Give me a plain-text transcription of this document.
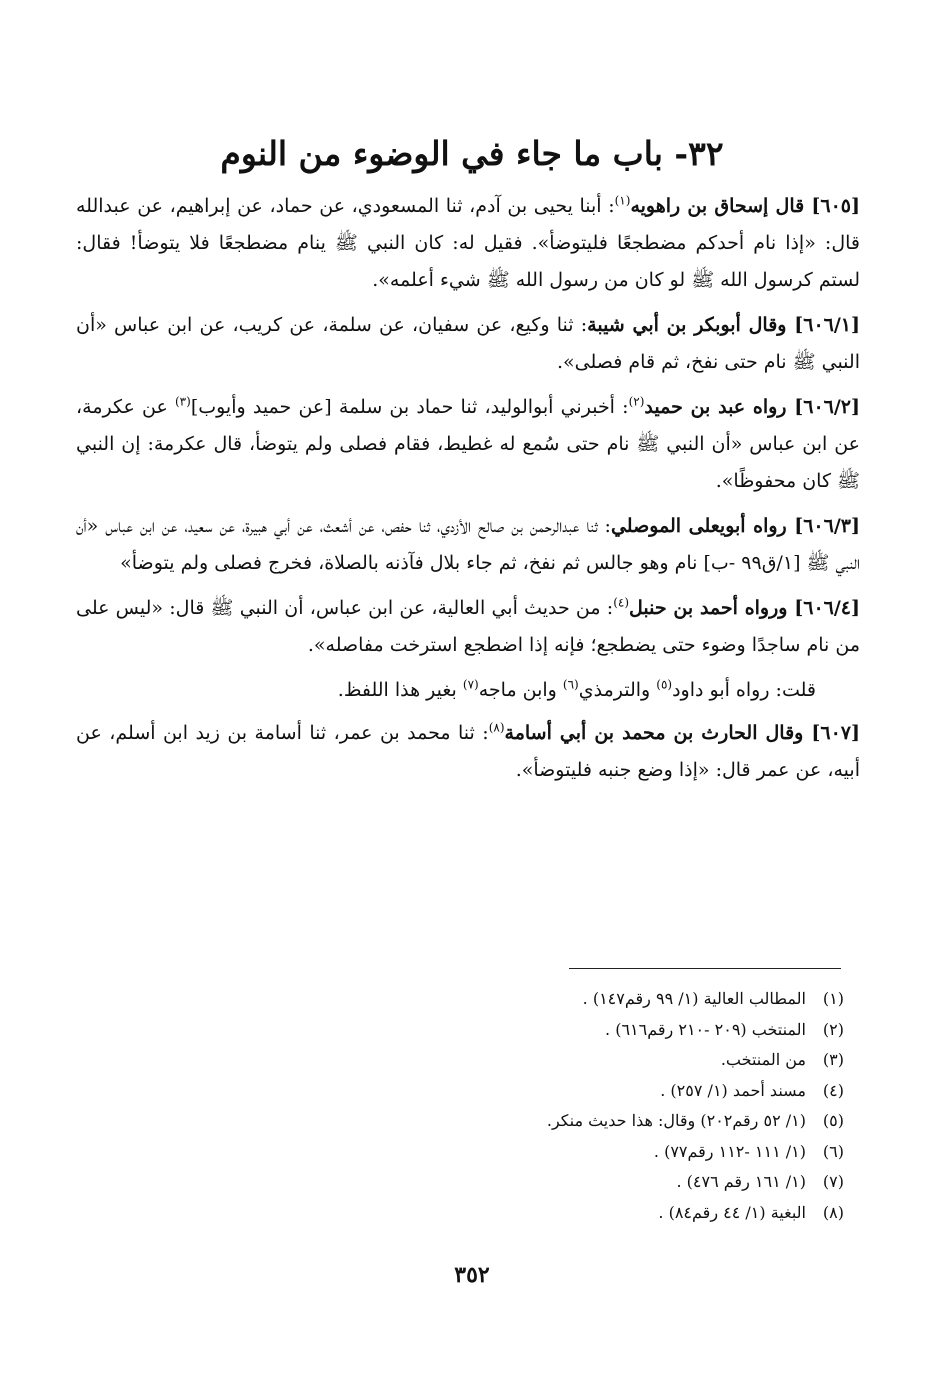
٣٢- باب ما جاء في الوضوء من النوم

[٦٠٥] قال إسحاق بن راهويه$^{(١)}$: أبنا يحيى بن آدم، ثنا المسعودي، عن حماد، عن إبراهيم، عن عبدالله قال: «إذا نام أحدكم مضطجعًا فليتوضأ». فقيل له: كان النبي ﷺ ينام مضطجعًا فلا يتوضأ! فقال: لستم كرسول الله ﷺ لو كان من رسول الله ﷺ شيء أعلمه».

[٦٠٦/١] وقال أبوبكر بن أبي شيبة: ثنا وكيع، عن سفيان، عن سلمة، عن كريب، عن ابن عباس «أن النبي ﷺ نام حتى نفخ، ثم قام فصلى».

[٦٠٦/٢] رواه عبد بن حميد$^{(٢)}$: أخبرني أبوالوليد، ثنا حماد بن سلمة [عن حميد وأيوب]$^{(٣)}$ عن عكرمة، عن ابن عباس «أن النبي ﷺ نام حتى سُمع له غطيط، فقام فصلى ولم يتوضأ، قال عكرمة: إن النبي ﷺ كان محفوظًا».

[٦٠٦/٣] رواه أبويعلى الموصلي: ثنا عبدالرحمن بن صالح الأزدي، ثنا حفص، عن أشعث، عن أبي هبيرة، عن سعيد، عن ابن عباس «أن النبي ﷺ [١/ق٩٩ -ب] نام وهو جالس ثم نفخ، ثم جاء بلال فآذنه بالصلاة، فخرج فصلى ولم يتوضأ»

[٦٠٦/٤] ورواه أحمد بن حنبل$^{(٤)}$: من حديث أبي العالية، عن ابن عباس، أن النبي ﷺ قال: «ليس على من نام ساجدًا وضوء حتى يضطجع؛ فإنه إذا اضطجع استرخت مفاصله».

قلت: رواه أبو داود$^{(٥)}$ والترمذي$^{(٦)}$ وابن ماجه$^{(٧)}$ بغير هذا اللفظ.

[٦٠٧] وقال الحارث بن محمد بن أبي أسامة$^{(٨)}$: ثنا محمد بن عمر، ثنا أسامة بن زيد ابن أسلم، عن أبيه، عن عمر قال: «إذا وضع جنبه فليتوضأ».

(١)
المطالب العالية (١/ ٩٩ رقم١٤٧) .
(٢)
المنتخب (٢٠٩ -٢١٠ رقم٦١٦) .
(٣)
من المنتخب.
(٤)
مسند أحمد (١/ ٢٥٧) .
(٥)
(١/ ٥٢ رقم٢٠٢) وقال: هذا حديث منكر.
(٦)
(١/ ١١١ -١١٢ رقم٧٧) .
(٧)
(١/ ١٦١ رقم ٤٧٦) .
(٨)
البغية (١/ ٤٤ رقم٨٤) .
٣٥٢
